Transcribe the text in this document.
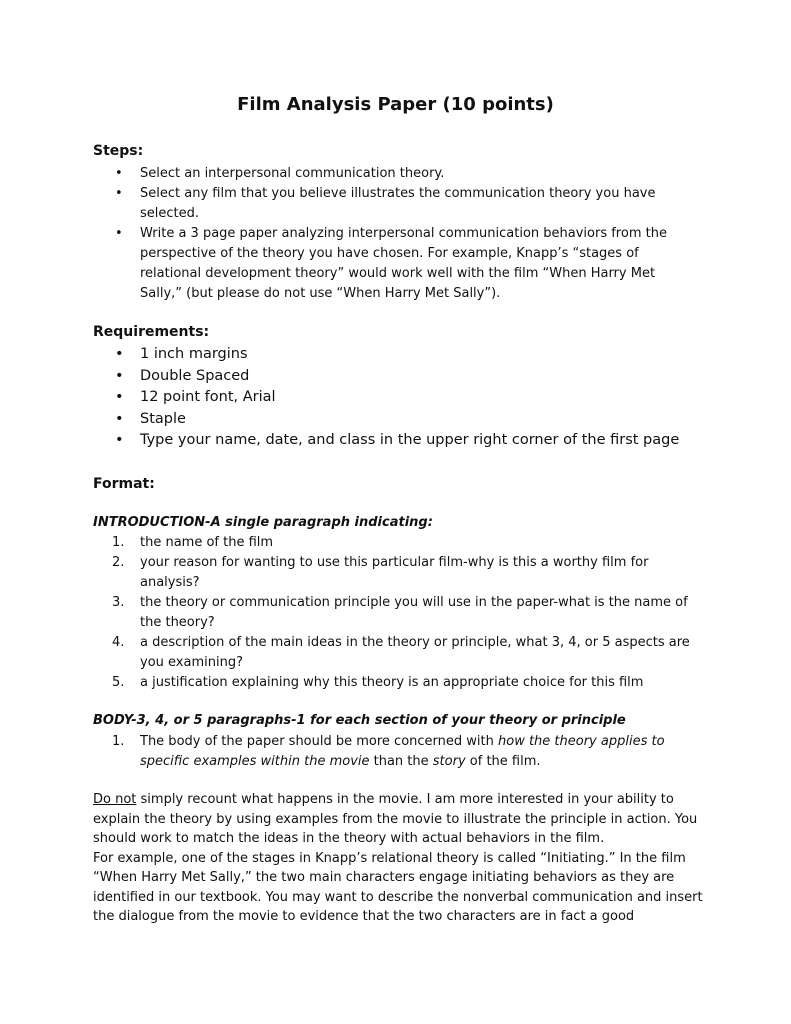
Film Analysis Paper (10 points)
Steps:
• Select an interpersonal communication theory.
• Select any film that you believe illustrates the communication theory you have selected.
• Write a 3 page paper analyzing interpersonal communication behaviors from the perspective of the theory you have chosen. For example, Knapp’s “stages of relational development theory” would work well with the film “When Harry Met Sally,” (but please do not use “When Harry Met Sally”).
Requirements:
• 1 inch margins
• Double Spaced
• 12 point font, Arial
• Staple
• Type your name, date, and class in the upper right corner of the first page
Format:
INTRODUCTION-A single paragraph indicating:
1. the name of the film
2. your reason for wanting to use this particular film-why is this a worthy film for analysis?
3. the theory or communication principle you will use in the paper-what is the name of the theory?
4. a description of the main ideas in the theory or principle, what 3, 4, or 5 aspects are you examining?
5. a justification explaining why this theory is an appropriate choice for this film
BODY-3, 4, or 5 paragraphs-1 for each section of your theory or principle
1. The body of the paper should be more concerned with how the theory applies to specific examples within the movie than the story of the film.

Do not simply recount what happens in the movie. I am more interested in your ability to explain the theory by using examples from the movie to illustrate the principle in action. You should work to match the ideas in the theory with actual behaviors in the film.
For example, one of the stages in Knapp’s relational theory is called “Initiating.” In the film “When Harry Met Sally,” the two main characters engage initiating behaviors as they are identified in our textbook. You may want to describe the nonverbal communication and insert the dialogue from the movie to evidence that the two characters are in fact a good
